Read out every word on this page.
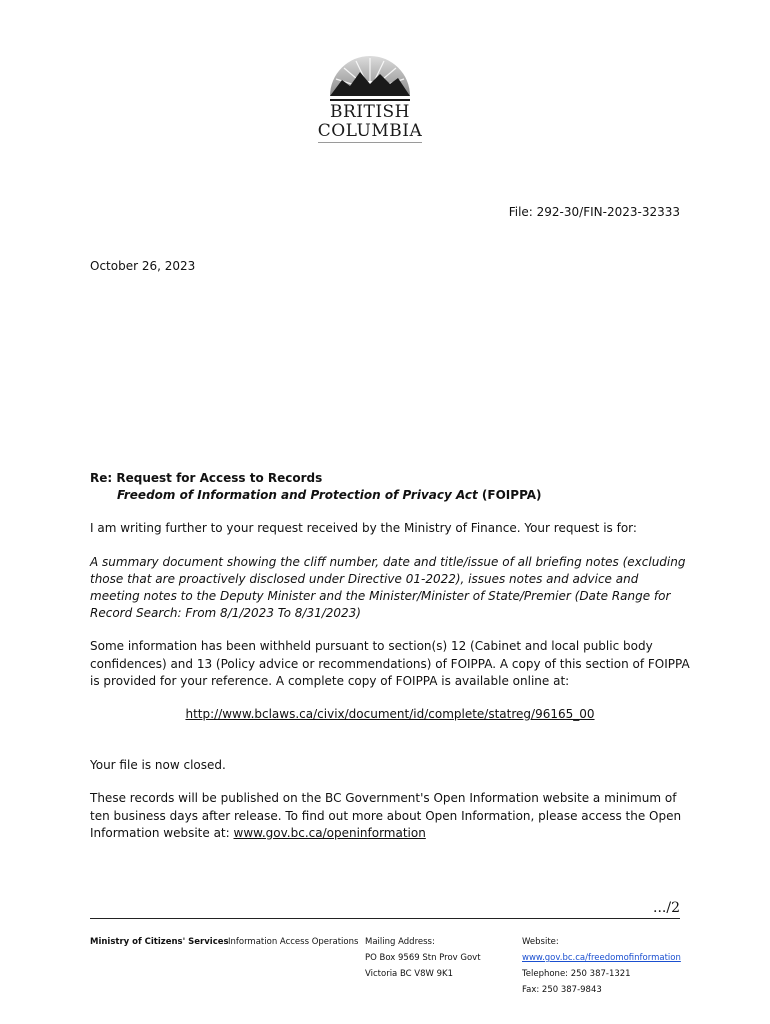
BRITISH
COLUMBIA
File: 292-30/FIN-2023-32333
October 26, 2023

Re: Request for Access to Records

Freedom of Information and Protection of Privacy Act (FOIPPA)

I am writing further to your request received by the Ministry of Finance. Your request is for:

A summary document showing the cliff number, date and title/issue of all briefing notes (excluding those that are proactively disclosed under Directive 01-2022), issues notes and advice and meeting notes to the Deputy Minister and the Minister/Minister of State/Premier (Date Range for Record Search: From 8/1/2023 To 8/31/2023)

Some information has been withheld pursuant to section(s) 12 (Cabinet and local public body confidences) and 13 (Policy advice or recommendations) of FOIPPA. A copy of this section of FOIPPA is provided for your reference. A complete copy of FOIPPA is available online at:

http://www.bclaws.ca/civix/document/id/complete/statreg/96165_00

Your file is now closed.

These records will be published on the BC Government's Open Information website a minimum of ten business days after release. To find out more about Open Information, please access the Open Information website at: www.gov.bc.ca/openinformation

.../2
Ministry of Citizens' Services Information Access Operations Mailing Address:
PO Box 9569 Stn Prov Govt
Victoria BC V8W 9K1
Website:
www.gov.bc.ca/freedomofinformation
Telephone: 250 387-1321
Fax: 250 387-9843
